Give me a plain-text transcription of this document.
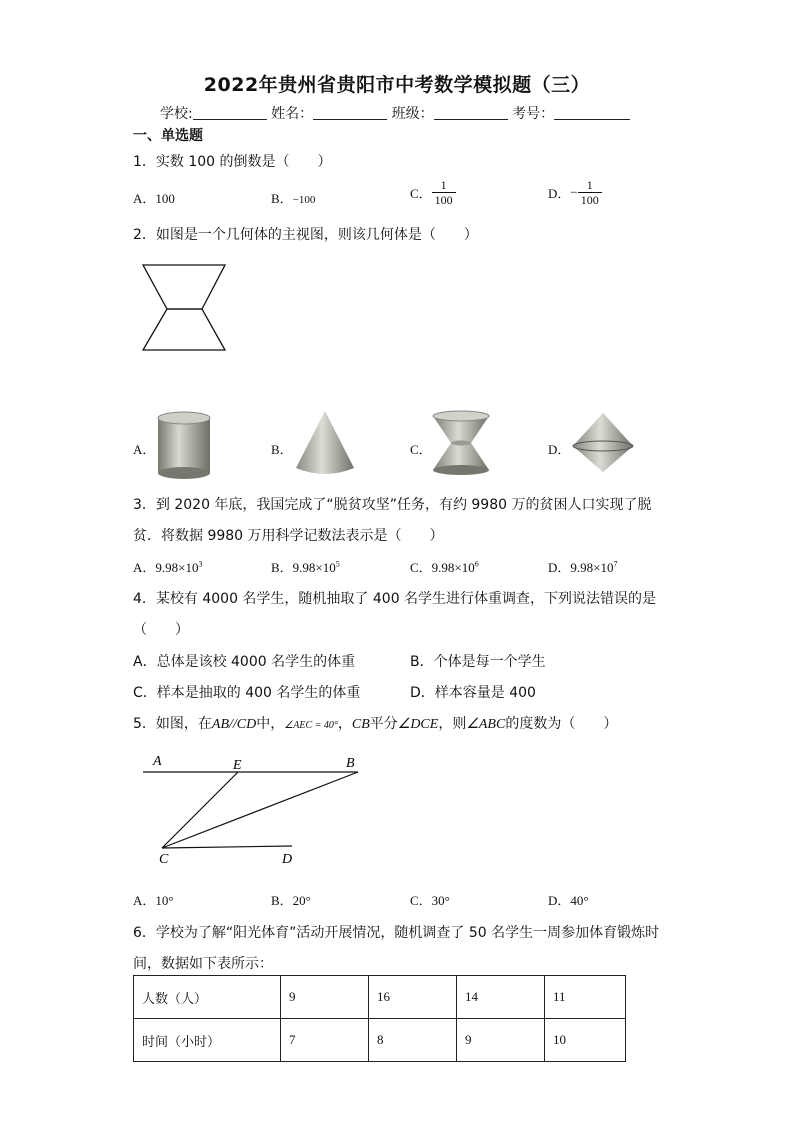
2022年贵州省贵阳市中考数学模拟题（三）
学校:	姓名：	班级：	考号：
一、单选题
1．实数 100 的倒数是（　　）
A．100	B．−100	C． $\frac{1}{100}$	D．− $\frac{1}{100}$
2．如图是一个几何体的主视图，则该几何体是（　　）
A．	B．	C．	D．
3．到 2020 年底，我国完成了“脱贫攻坚”任务，有约 9980 万的贫困人口实现了脱
贫．将数据 9980 万用科学记数法表示是（　　）
A．$9.98\times 10^3$	B．$9.98\times 10^5$	C．$9.98\times 10^6$	D．$9.98\times 10^7$
4．某校有 4000 名学生，随机抽取了 400 名学生进行体重调查，下列说法错误的是
（　　）
A．总体是该校 4000 名学生的体重	B．个体是每一个学生
C．样本是抽取的 400 名学生的体重	D．样本容量是 400
5．如图，在AB//CD中，∠AEC = 40°，CB平分∠DCE，则∠ABC的度数为（　　）
A	E	B
C	D
A．10°	B．20°	C．30°	D．40°
6．学校为了解“阳光体育”活动开展情况，随机调查了 50 名学生一周参加体育锻炼时
间，数据如下表所示：
人数（人）	9	16	14	11
时间（小时）	7	8	9	10
